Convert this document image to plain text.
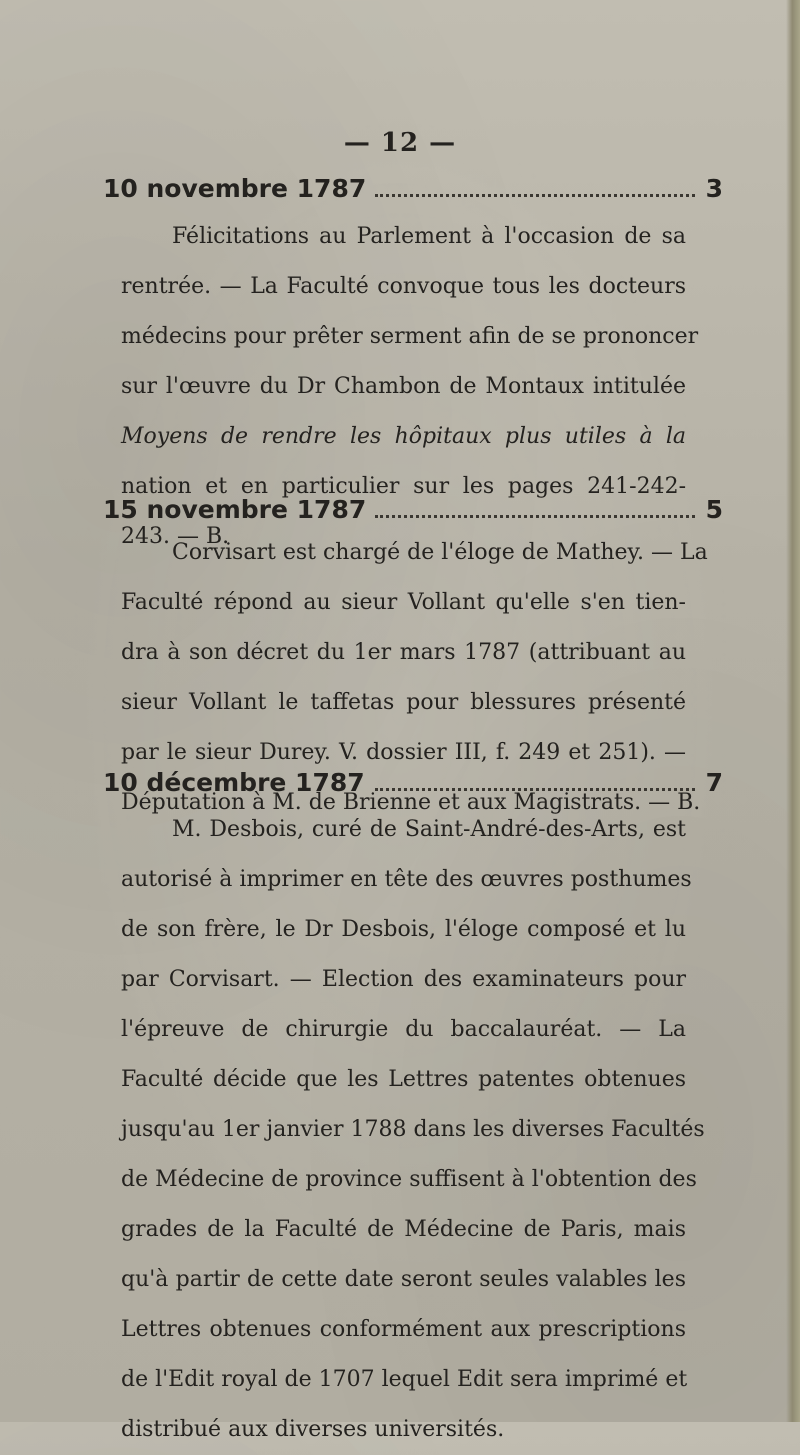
— 12 —
10 novembre 1787	3
Félicitations au Parlement à l'occasion de sa
rentrée. — La Faculté convoque tous les docteurs
médecins pour prêter serment afin de se prononcer
sur l'œuvre du Dr Chambon de Montaux intitulée
Moyens de rendre les hôpitaux plus utiles à la
nation et en particulier sur les pages 241-242-
243. — B.
15 novembre 1787	5
Corvisart est chargé de l'éloge de Mathey. — La
Faculté répond au sieur Vollant qu'elle s'en tien-
dra à son décret du 1er mars 1787 (attribuant au
sieur Vollant le taffetas pour blessures présenté
par le sieur Durey. V. dossier III, f. 249 et 251). —
Députation à M. de Brienne et aux Magistrats. — B.
10 décembre 1787	7
M. Desbois, curé de Saint-André-des-Arts, est
autorisé à imprimer en tête des œuvres posthumes
de son frère, le Dr Desbois, l'éloge composé et lu
par Corvisart. — Election des examinateurs pour
l'épreuve de chirurgie du baccalauréat. — La
Faculté décide que les Lettres patentes obtenues
jusqu'au 1er janvier 1788 dans les diverses Facultés
de Médecine de province suffisent à l'obtention des
grades de la Faculté de Médecine de Paris, mais
qu'à partir de cette date seront seules valables les
Lettres obtenues conformément aux prescriptions
de l'Edit royal de 1707 lequel Edit sera imprimé et
distribué aux diverses universités.
